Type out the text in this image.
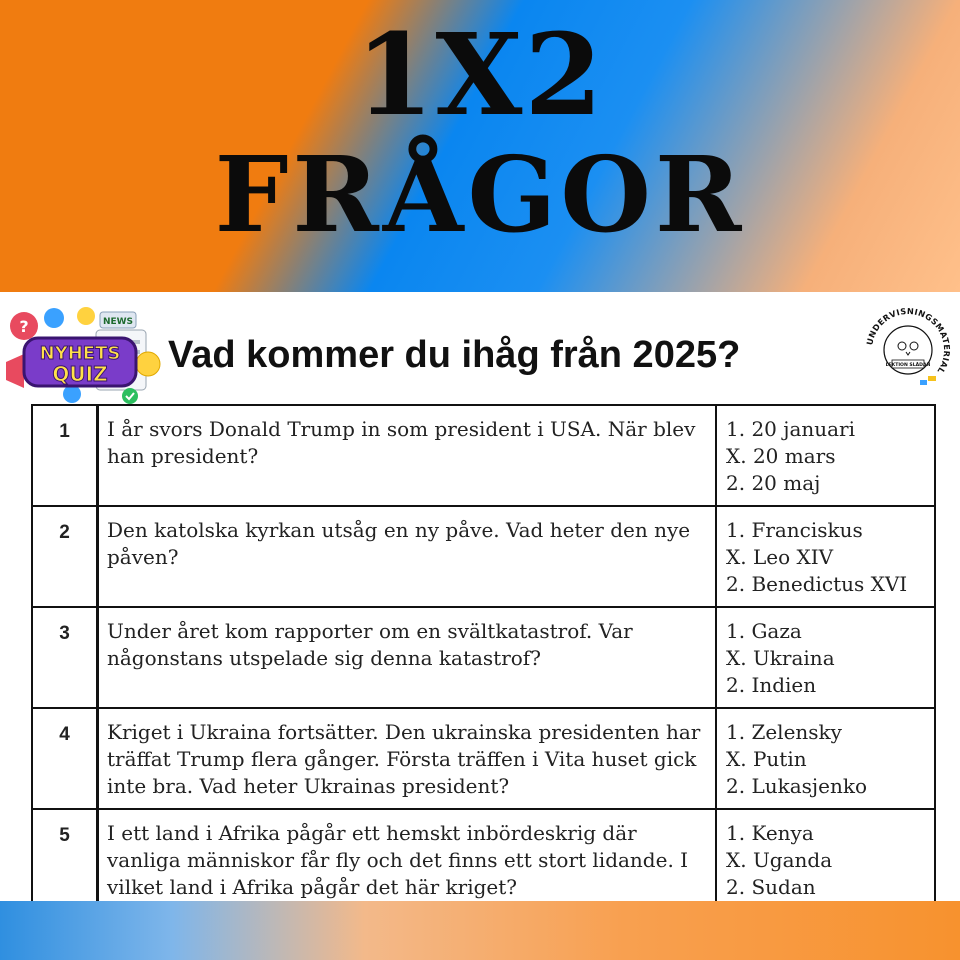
1X2
FRÅGOR
?	NEWS
NYHETS
QUIZ Vad kommer du ihåg från 2025?	UNDERVISNINGSMATERIAL
LEKTION SLÄDAN
1	I år svors Donald Trump in som president i USA. När blev han president?	1. 20 januari
X. 20 mars
2. 20 maj

2	Den katolska kyrkan utsåg en ny påve. Vad heter den nye påven?	1. Franciskus
X. Leo XIV
2. Benedictus XVI

3	Under året kom rapporter om en svältkatastrof. Var någonstans utspelade sig denna katastrof?	1. Gaza
X. Ukraina
2. Indien

4	Kriget i Ukraina fortsätter. Den ukrainska presidenten har träffat Trump flera gånger. Första träffen i Vita huset gick inte bra. Vad heter Ukrainas president?	1. Zelensky
X. Putin
2. Lukasjenko

5	I ett land i Afrika pågår ett hemskt inbördeskrig där vanliga människor får fly och det finns ett stort lidande. I vilket land i Afrika pågår det här kriget?	1. Kenya
X. Uganda
2. Sudan
